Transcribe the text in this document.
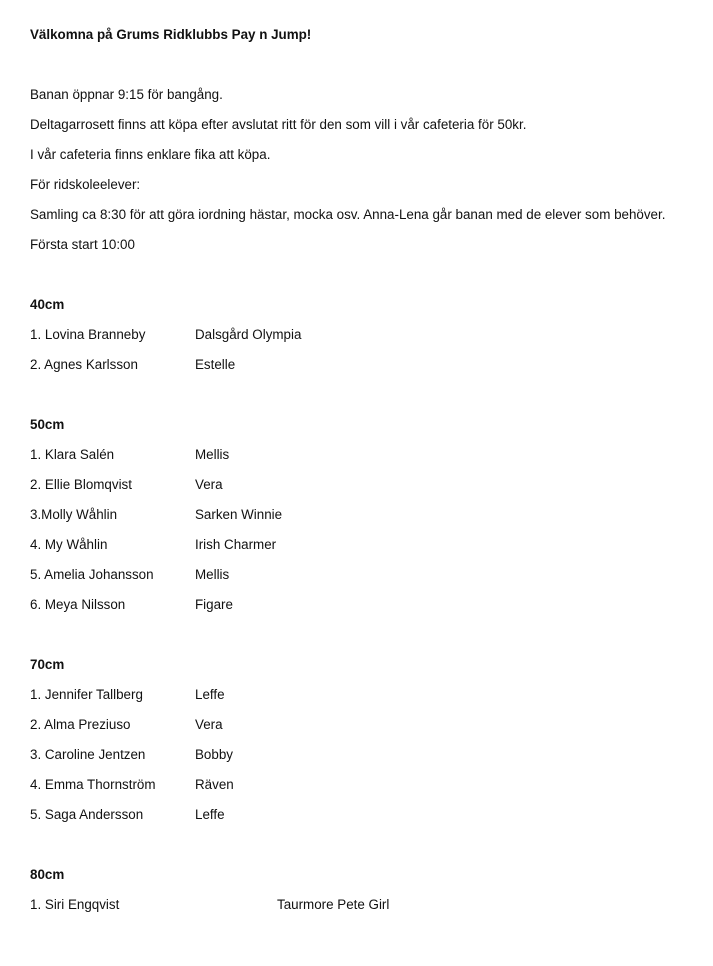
Välkomna på Grums Ridklubbs Pay n Jump!
Banan öppnar 9:15 för bangång.
Deltagarrosett finns att köpa efter avslutat ritt för den som vill i vår cafeteria för 50kr.
I vår cafeteria finns enklare fika att köpa.
För ridskoleelever:
Samling ca 8:30 för att göra iordning hästar, mocka osv. Anna-Lena går banan med de elever som behöver.
Första start 10:00
40cm
1. Lovina Branneby	Dalsgård Olympia
2. Agnes Karlsson	Estelle
50cm
1. Klara Salén	Mellis
2. Ellie Blomqvist	Vera
3.Molly Wåhlin	Sarken Winnie
4. My Wåhlin	Irish Charmer
5. Amelia Johansson	Mellis
6. Meya Nilsson	Figare
70cm
1. Jennifer Tallberg	Leffe
2. Alma Preziuso	Vera
3. Caroline Jentzen	Bobby
4. Emma Thornström	Räven
5. Saga Andersson	Leffe
80cm
1. Siri Engqvist	Taurmore Pete Girl
